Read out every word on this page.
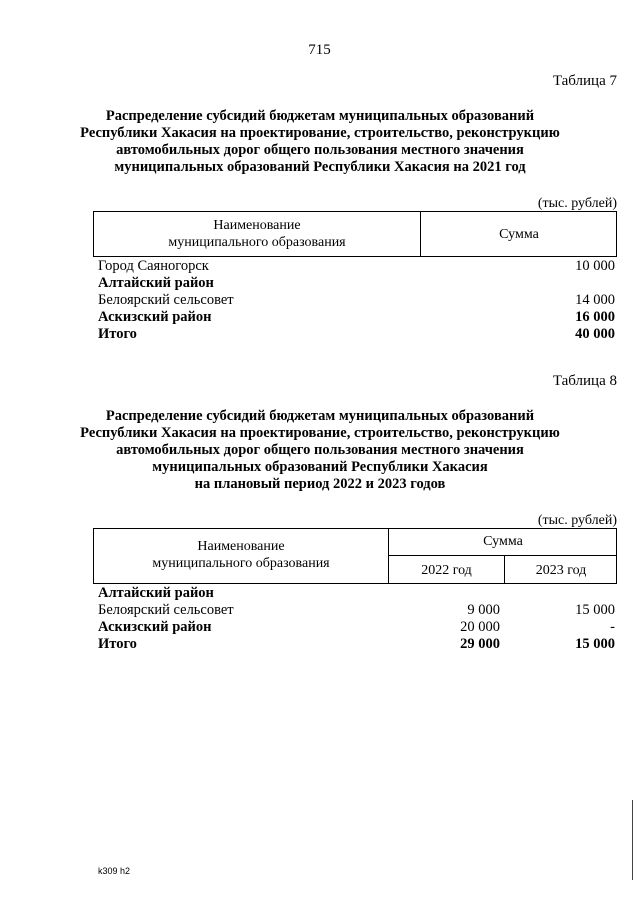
715
Таблица 7
Распределение субсидий бюджетам муниципальных образований
Республики Хакасия на проектирование, строительство, реконструкцию
автомобильных дорог общего пользования местного значения
муниципальных образований Республики Хакасия на 2021 год
(тыс. рублей)
Наименование
муниципального образования
Сумма
Город Саяногорск	10 000
Алтайский район
Белоярский сельсовет	14 000
Аскизский район	16 000
Итого	40 000
Таблица 8
Распределение субсидий бюджетам муниципальных образований
Республики Хакасия на проектирование, строительство, реконструкцию
автомобильных дорог общего пользования местного значения
муниципальных образований Республики Хакасия
на плановый период 2022 и 2023 годов
(тыс. рублей)
Наименование
муниципального образования
Сумма
2022 год	2023 год
Алтайский район
Белоярский сельсовет	9 000	15 000
Аскизский район	20 000	-
Итого	29 000	15 000
k309 h2
